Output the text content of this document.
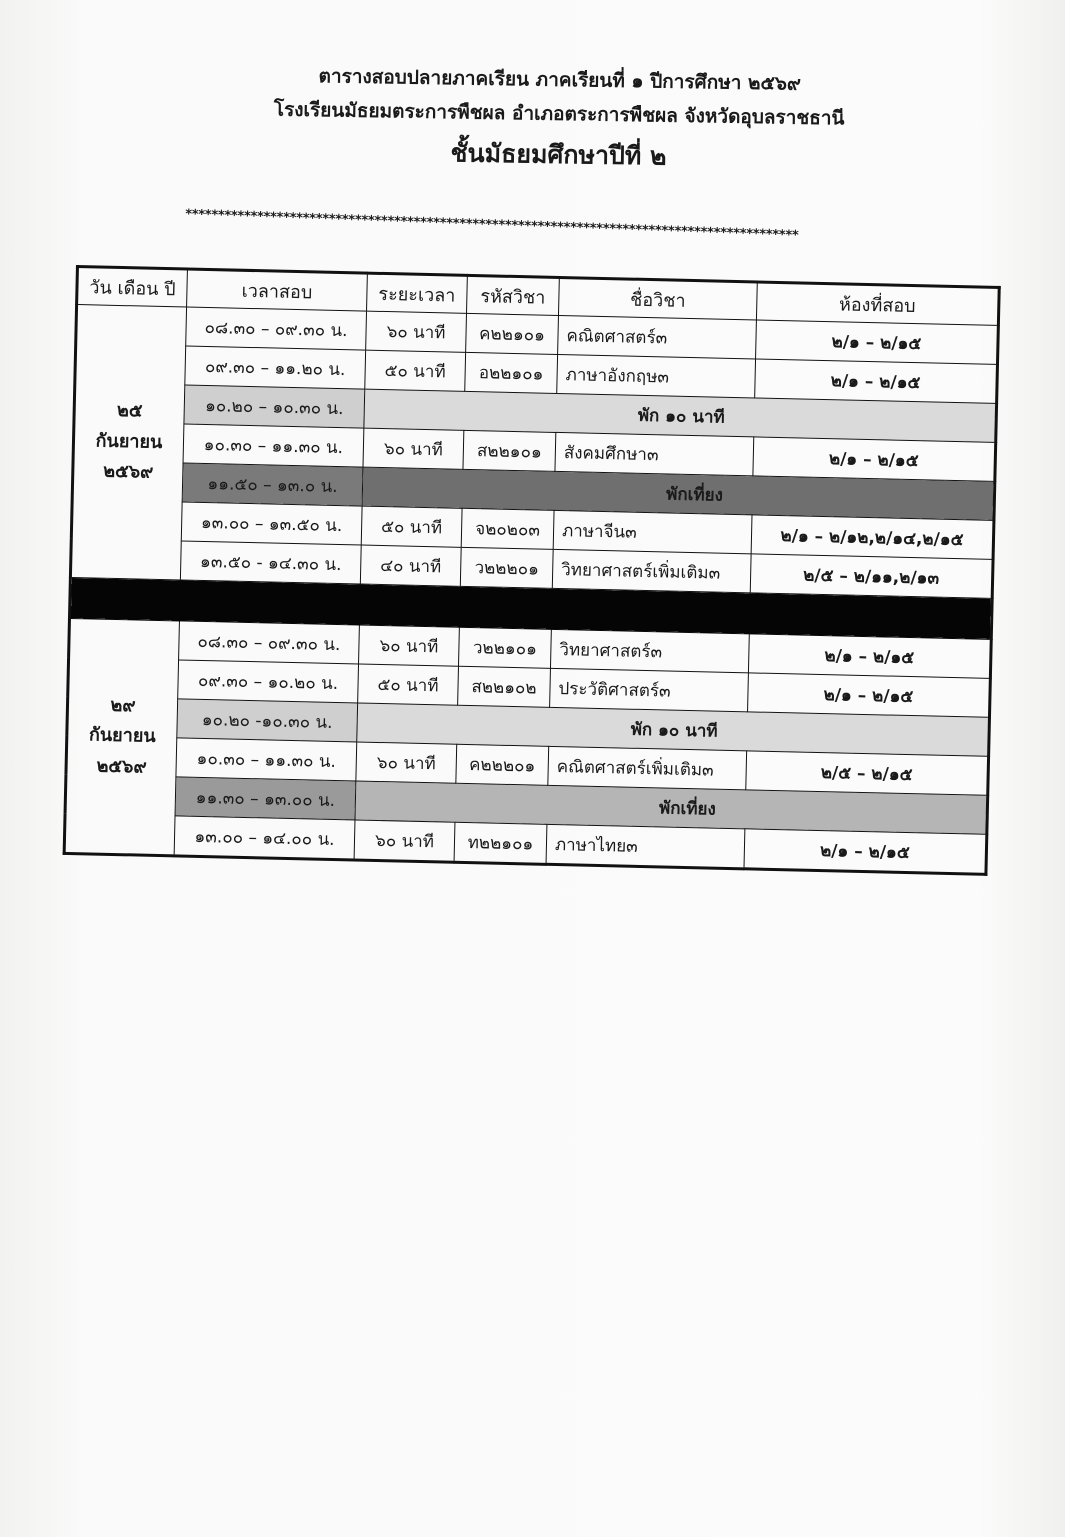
ตารางสอบปลายภาคเรียน ภาคเรียนที่ ๑ ปีการศึกษา ๒๕๖๙
โรงเรียนมัธยมตระการพืชผล อำเภอตระการพืชผล จังหวัดอุบลราชธานี
ชั้นมัธยมศึกษาปีที่ ๒
**********************************************************************************************
วัน เดือน ปี	เวลาสอบ	ระยะเวลา	รหัสวิชา	ชื่อวิชา	ห้องที่สอบ

๒๕
กันยายน
๒๕๖๙	๐๘.๓๐ – ๐๙.๓๐ น.	๖๐ นาที	ค๒๒๑๐๑	คณิตศาสตร์๓	๒/๑ – ๒/๑๕
	๐๙.๓๐ – ๑๑.๒๐ น.	๕๐ นาที	อ๒๒๑๐๑	ภาษาอังกฤษ๓	๒/๑ – ๒/๑๕
	๑๐.๒๐ – ๑๐.๓๐ น.	พัก ๑๐ นาที			
	๑๐.๓๐ – ๑๑.๓๐ น.	๖๐ นาที	ส๒๒๑๐๑	สังคมศึกษา๓	๒/๑ – ๒/๑๕
	๑๑.๕๐ – ๑๓.๐ น.	พักเที่ยง			
	๑๓.๐๐ – ๑๓.๕๐ น.	๕๐ นาที	จ๒๐๒๐๓	ภาษาจีน๓	๒/๑ – ๒/๑๒,๒/๑๔,๒/๑๕
	๑๓.๕๐ - ๑๔.๓๐ น.	๔๐ นาที	ว๒๒๒๐๑	วิทยาศาสตร์เพิ่มเติม๓	๒/๕ – ๒/๑๑,๒/๑๓

๒๙
กันยายน
๒๕๖๙	๐๘.๓๐ – ๐๙.๓๐ น.	๖๐ นาที	ว๒๒๑๐๑	วิทยาศาสตร์๓	๒/๑ – ๒/๑๕
	๐๙.๓๐ – ๑๐.๒๐ น.	๕๐ นาที	ส๒๒๑๐๒	ประวัติศาสตร์๓	๒/๑ – ๒/๑๕
	๑๐.๒๐ -๑๐.๓๐ น.	พัก ๑๐ นาที			
	๑๐.๓๐ – ๑๑.๓๐ น.	๖๐ นาที	ค๒๒๒๐๑	คณิตศาสตร์เพิ่มเติม๓	๒/๕ – ๒/๑๕
	๑๑.๓๐ – ๑๓.๐๐ น.	พักเที่ยง			
	๑๓.๐๐ – ๑๔.๐๐ น.	๖๐ นาที	ท๒๒๑๐๑	ภาษาไทย๓	๒/๑ – ๒/๑๕
